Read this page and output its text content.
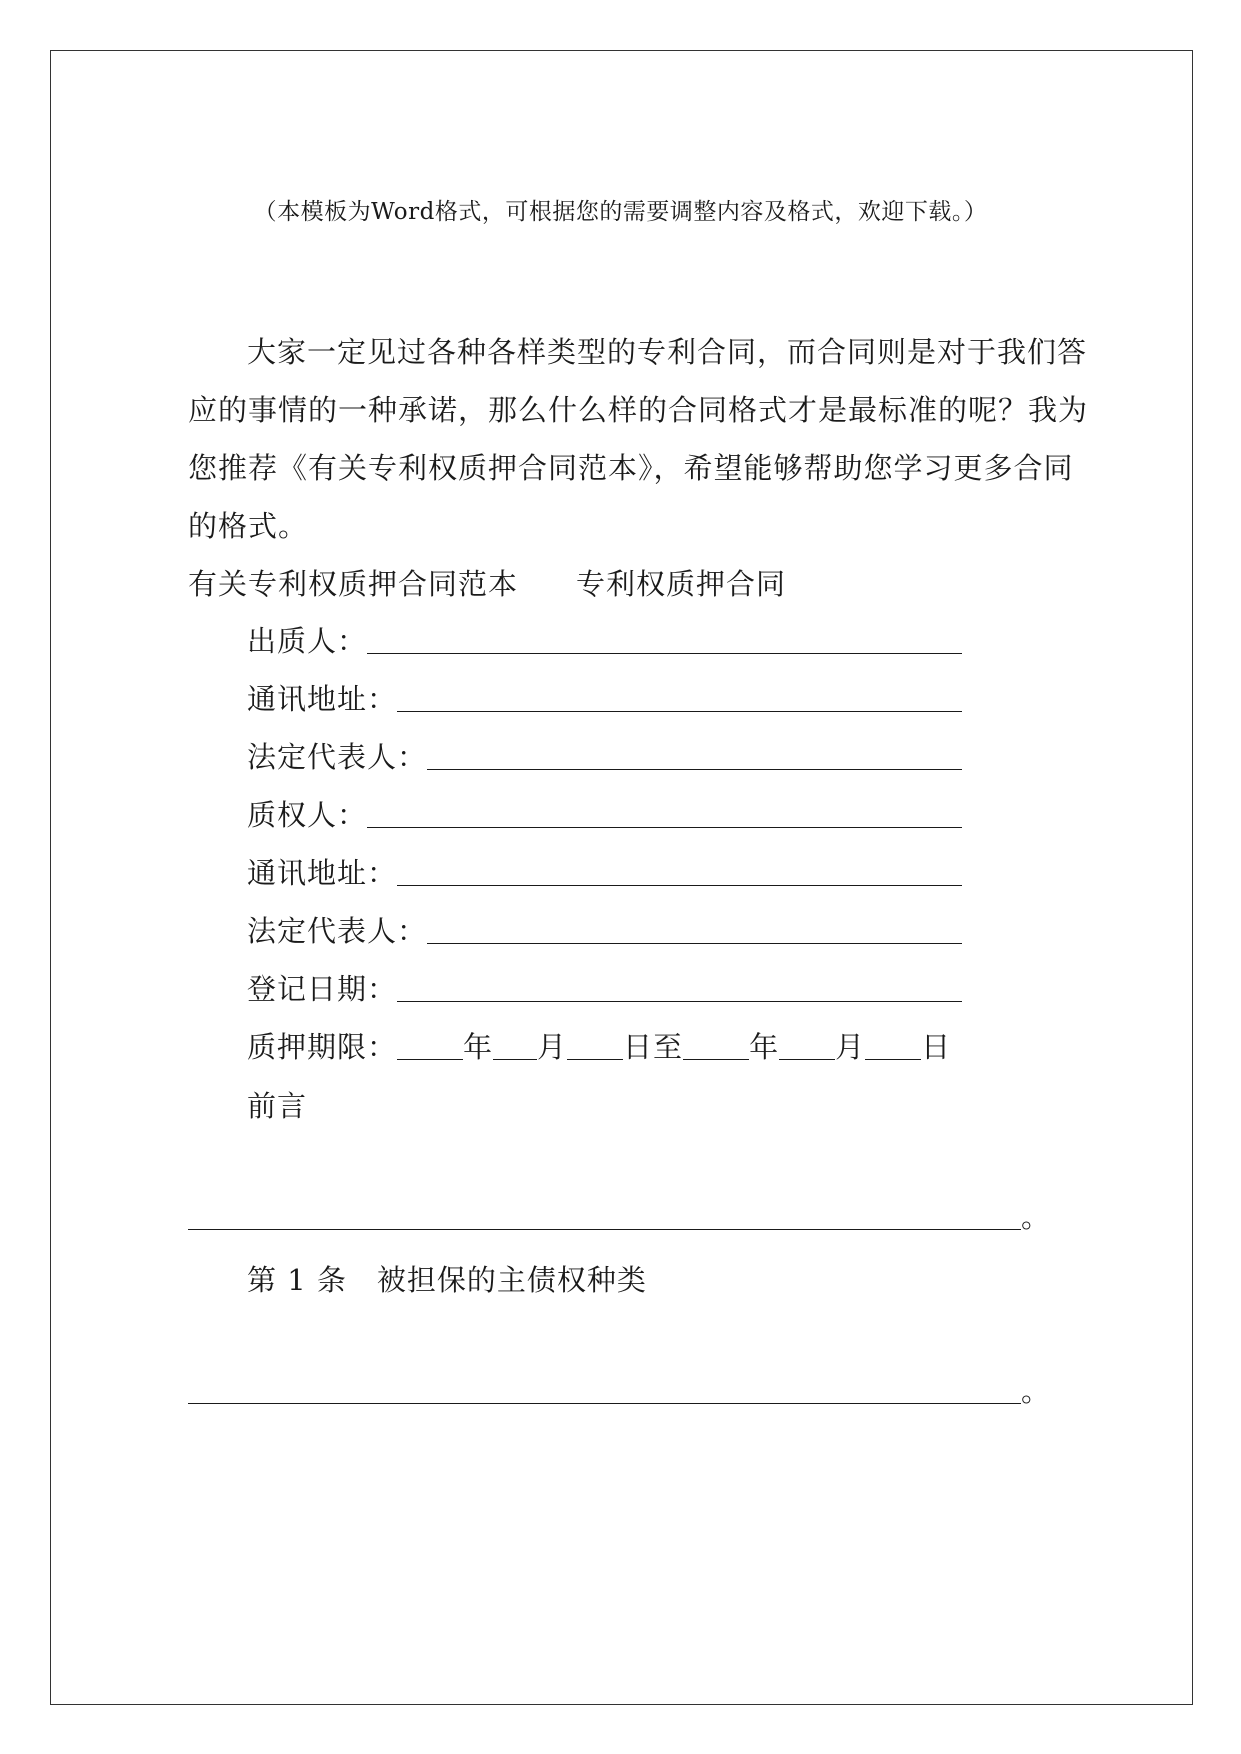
（本模板为Word格式，可根据您的需要调整内容及格式，欢迎下载。）
大家一定见过各种各样类型的专利合同，而合同则是对于我们答
应的事情的一种承诺，那么什么样的合同格式才是最标准的呢？我为
您推荐《有关专利权质押合同范本》，希望能够帮助您学习更多合同
的格式。
有关专利权质押合同范本 专利权质押合同
出质人：
通讯地址：
法定代表人：
质权人：
通讯地址：
法定代表人：
登记日期：
质押期限： 年 月 日至 年 月 日
前言
。
第 1 条　被担保的主债权种类
。
